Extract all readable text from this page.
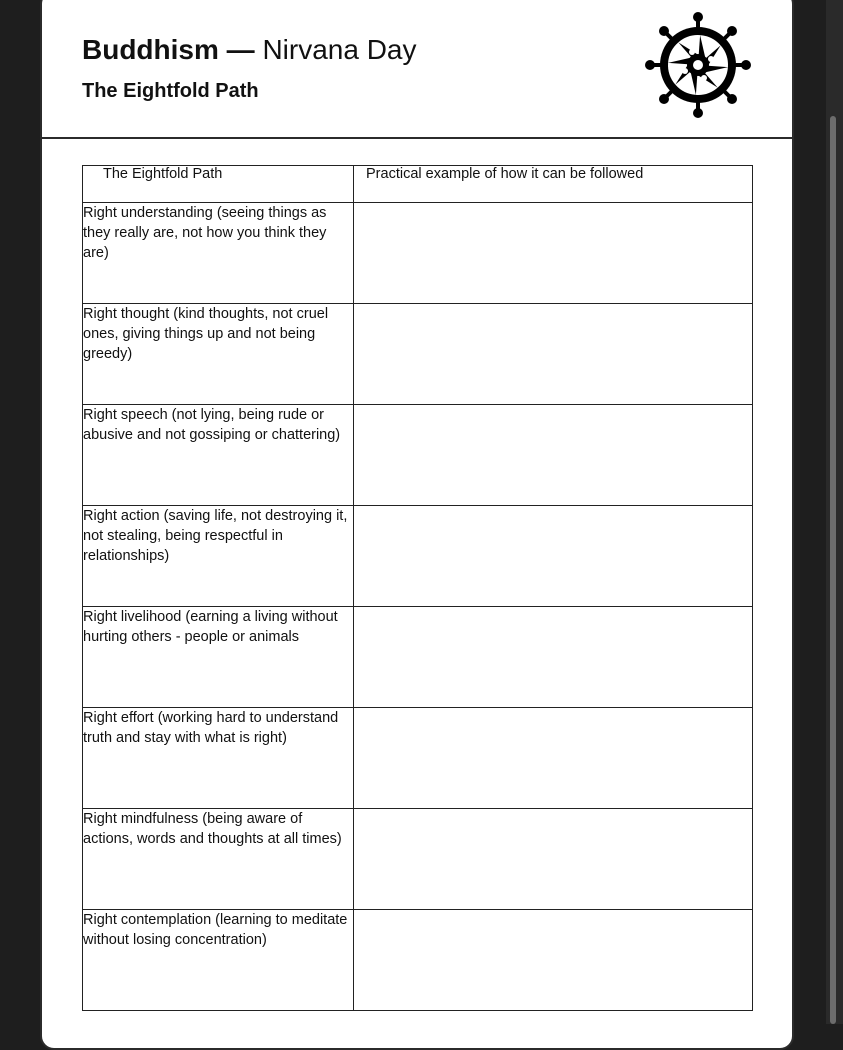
Buddhism — Nirvana Day
The Eightfold Path
The Eightfold Path	Practical example of how it can be followed
Right understanding (seeing things as they really are, not how you think they are)	
Right thought (kind thoughts, not cruel ones, giving things up and not being greedy)	
Right speech (not lying, being rude or abusive and not gossiping or chattering)	
Right action (saving life, not destroying it, not stealing, being respectful in relationships)	
Right livelihood (earning a living without hurting others - people or animals	
Right effort (working hard to understand truth and stay with what is right)	
Right mindfulness (being aware of actions, words and thoughts at all times)	
Right contemplation (learning to meditate without losing concentration)	
